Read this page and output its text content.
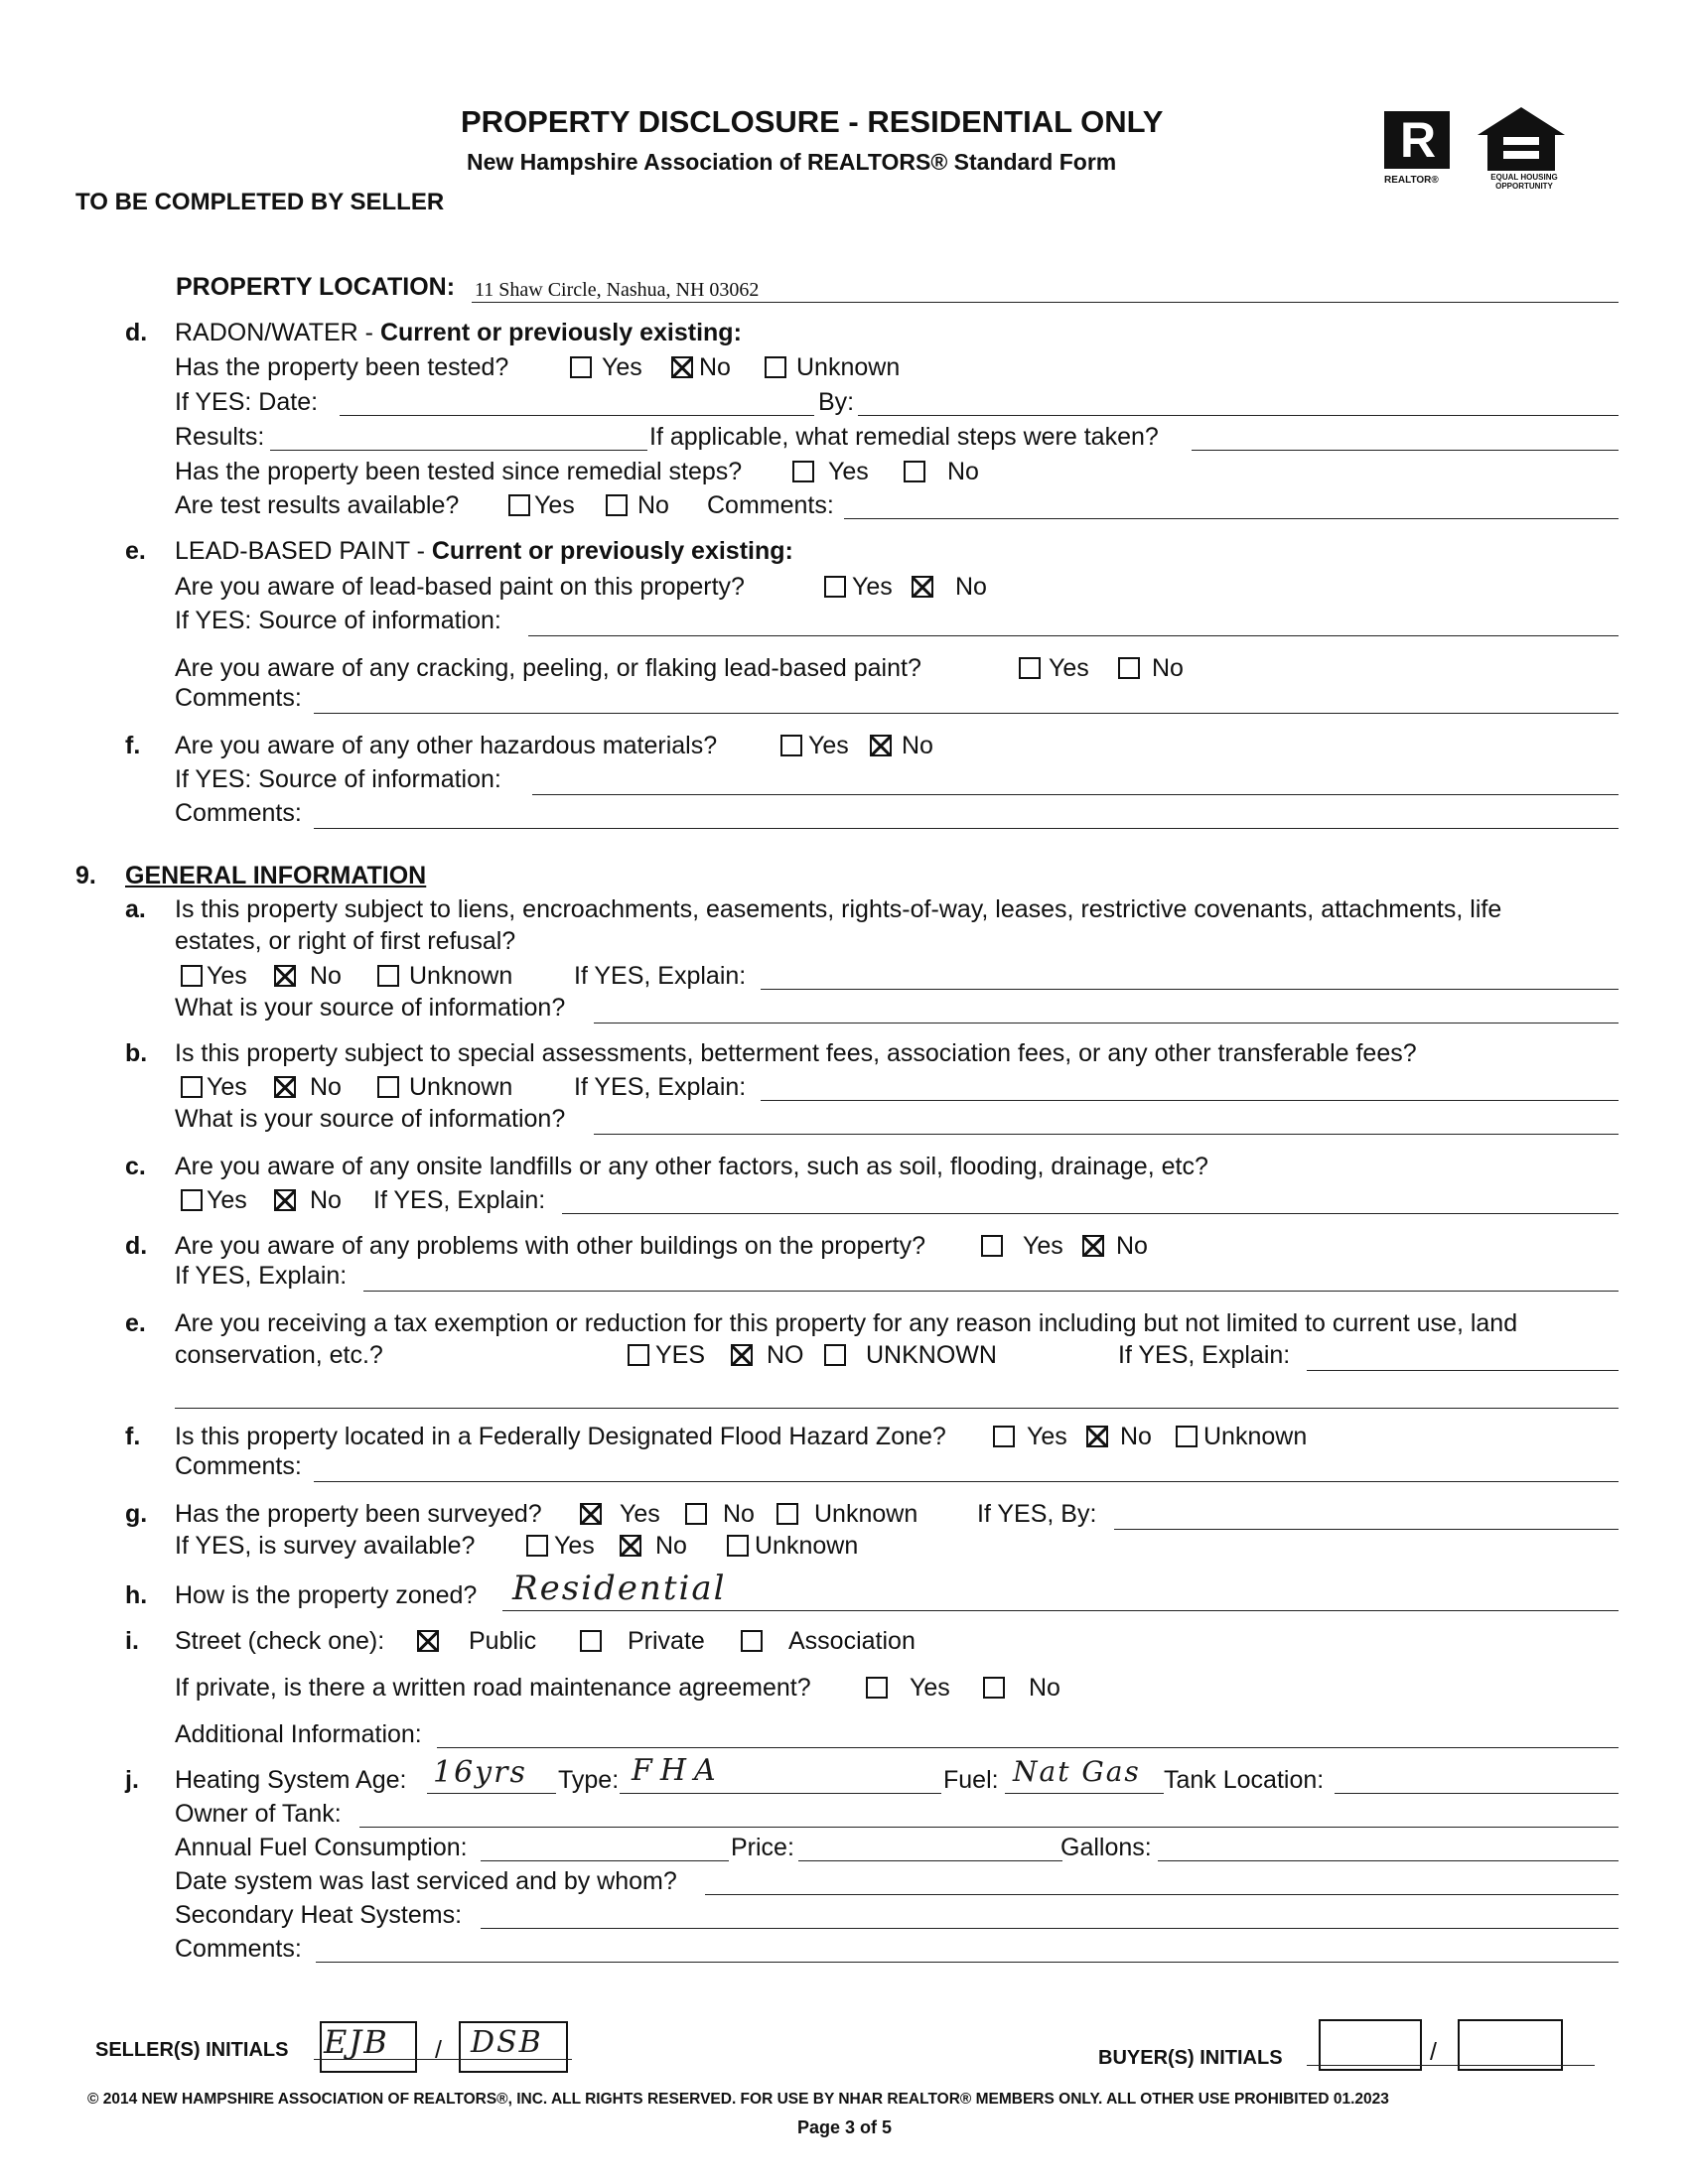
PROPERTY DISCLOSURE - RESIDENTIAL ONLY
New Hampshire Association of REALTORS® Standard Form
TO BE COMPLETED BY SELLER
R
REALTOR®	EQUAL HOUSING OPPORTUNITY
PROPERTY LOCATION: 11 Shaw Circle, Nashua, NH 03062
d. RADON/WATER - Current or previously existing:
Has the property been tested?	Yes No	Unknown
If YES: Date:	By:
Results:	If applicable, what remedial steps were taken?
Has the property been tested since remedial steps?	Yes	No
Are test results available?	Yes	No Comments:
e. LEAD-BASED PAINT - Current or previously existing:
Are you aware of lead-based paint on this property?	Yes	No
If YES: Source of information:
Are you aware of any cracking, peeling, or flaking lead-based paint?	Yes	No
Comments:
f. Are you aware of any other hazardous materials?	Yes No
If YES: Source of information:
Comments:
9. GENERAL INFORMATION
a. Is this property subject to liens, encroachments, easements, rights-of-way, leases, restrictive covenants, attachments, life
estates, or right of first refusal?
Yes	No	Unknown If YES, Explain:
What is your source of information?
b. Is this property subject to special assessments, betterment fees, association fees, or any other transferable fees?
Yes	No	Unknown If YES, Explain:
What is your source of information?
c. Are you aware of any onsite landfills or any other factors, such as soil, flooding, drainage, etc?
Yes	No If YES, Explain:
d. Are you aware of any problems with other buildings on the property?	Yes No
If YES, Explain:
e. Are you receiving a tax exemption or reduction for this property for any reason including but not limited to current use, land
conservation, etc.?	YES NO	UNKNOWN	If YES, Explain:
f. Is this property located in a Federally Designated Flood Hazard Zone?	Yes No Unknown
Comments:
g. Has the property been surveyed?	Yes	No Unknown If YES, By:
If YES, is survey available?	Yes No	Unknown
h. How is the property zoned? Residential
i. Street (check one):	Public	Private	Association
If private, is there a written road maintenance agreement?	Yes	No
Additional Information:
j. Heating System Age: 16yrs Type: FHA	Fuel: Nat Gas Tank Location:
Owner of Tank:
Annual Fuel Consumption:	Price:	Gallons:
Date system was last serviced and by whom?
Secondary Heat Systems:
Comments:
SELLER(S) INITIALS EJB / DSB	BUYER(S) INITIALS	/
© 2014 NEW HAMPSHIRE ASSOCIATION OF REALTORS®, INC. ALL RIGHTS RESERVED. FOR USE BY NHAR REALTOR® MEMBERS ONLY. ALL OTHER USE PROHIBITED 01.2023
Page 3 of 5
